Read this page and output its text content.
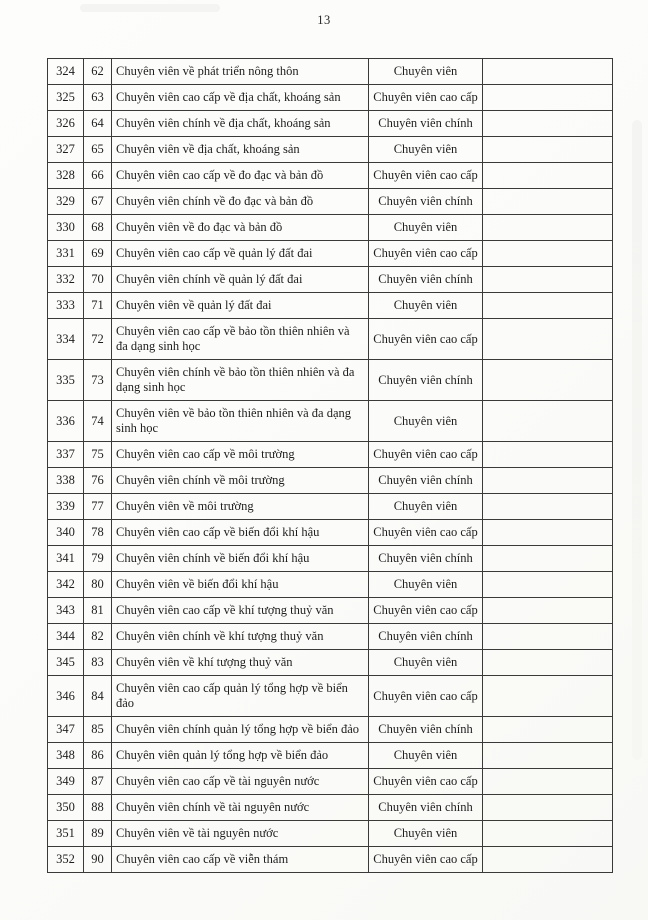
13
324	62	Chuyên viên về phát triển nông thôn	Chuyên viên	
325	63	Chuyên viên cao cấp về địa chất, khoáng sản	Chuyên viên cao cấp	
326	64	Chuyên viên chính về địa chất, khoáng sản	Chuyên viên chính	
327	65	Chuyên viên về địa chất, khoáng sản	Chuyên viên	
328	66	Chuyên viên cao cấp về đo đạc và bản đồ	Chuyên viên cao cấp	
329	67	Chuyên viên chính về đo đạc và bản đồ	Chuyên viên chính	
330	68	Chuyên viên về đo đạc và bản đồ	Chuyên viên	
331	69	Chuyên viên cao cấp về quản lý đất đai	Chuyên viên cao cấp	
332	70	Chuyên viên chính về quản lý đất đai	Chuyên viên chính	
333	71	Chuyên viên về quản lý đất đai	Chuyên viên	
334	72	Chuyên viên cao cấp về bảo tồn thiên nhiên và đa dạng sinh học	Chuyên viên cao cấp	
335	73	Chuyên viên chính về bảo tồn thiên nhiên và đa dạng sinh học	Chuyên viên chính	
336	74	Chuyên viên về bảo tồn thiên nhiên và đa dạng sinh học	Chuyên viên	
337	75	Chuyên viên cao cấp về môi trường	Chuyên viên cao cấp	
338	76	Chuyên viên chính về môi trường	Chuyên viên chính	
339	77	Chuyên viên về môi trường	Chuyên viên	
340	78	Chuyên viên cao cấp về biến đổi khí hậu	Chuyên viên cao cấp	
341	79	Chuyên viên chính về biến đổi khí hậu	Chuyên viên chính	
342	80	Chuyên viên về biến đổi khí hậu	Chuyên viên	
343	81	Chuyên viên cao cấp về khí tượng thuỷ văn	Chuyên viên cao cấp	
344	82	Chuyên viên chính về khí tượng thuỷ văn	Chuyên viên chính	
345	83	Chuyên viên về khí tượng thuỷ văn	Chuyên viên	
346	84	Chuyên viên cao cấp quản lý tổng hợp về biển đảo	Chuyên viên cao cấp	
347	85	Chuyên viên chính quản lý tổng hợp về biển đảo	Chuyên viên chính	
348	86	Chuyên viên quản lý tổng hợp về biển đảo	Chuyên viên	
349	87	Chuyên viên cao cấp về tài nguyên nước	Chuyên viên cao cấp	
350	88	Chuyên viên chính về tài nguyên nước	Chuyên viên chính	
351	89	Chuyên viên về tài nguyên nước	Chuyên viên	
352	90	Chuyên viên cao cấp về viễn thám	Chuyên viên cao cấp	
